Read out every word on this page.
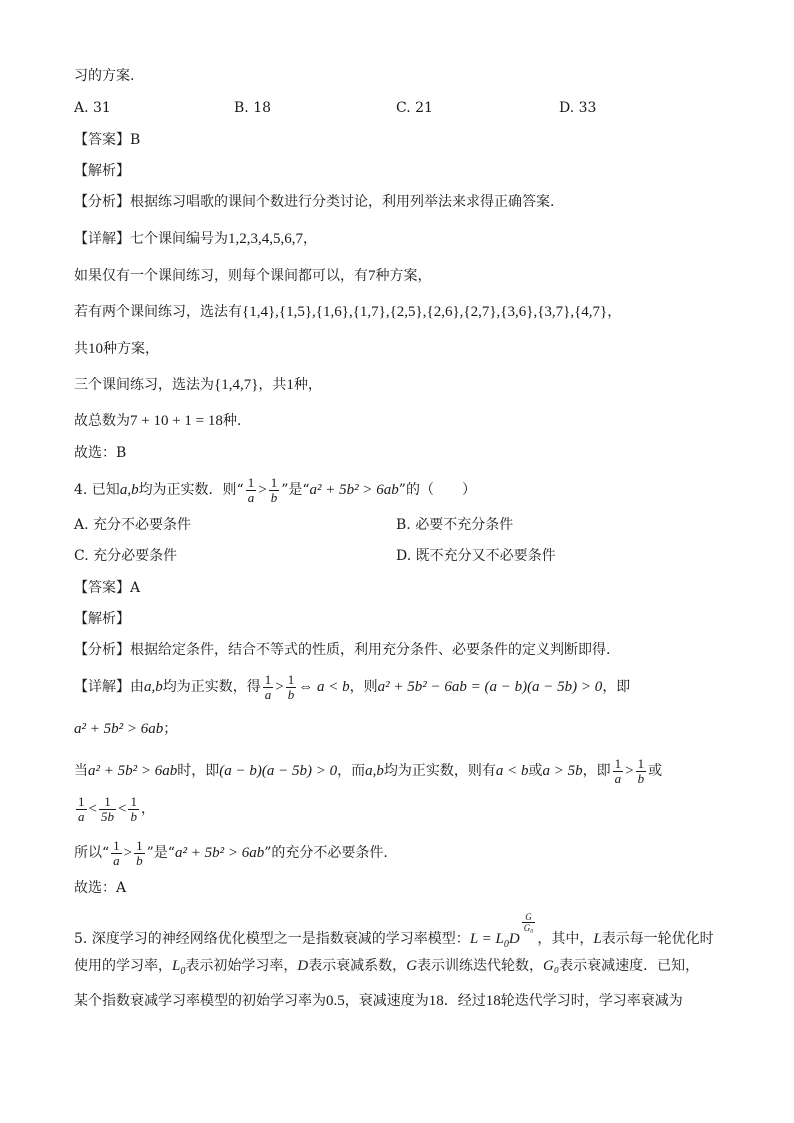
习的方案.
A. 31	B. 18	C. 21	D. 33
【答案】B
【解析】
【分析】根据练习唱歌的课间个数进行分类讨论，利用列举法来求得正确答案.
【详解】七个课间编号为1,2,3,4,5,6,7，
如果仅有一个课间练习，则每个课间都可以，有7种方案，
若有两个课间练习，选法有{1,4},{1,5},{1,6},{1,7},{2,5},{2,6},{2,7},{3,6},{3,7},{4,7}，
共10种方案，
三个课间练习，选法为{1,4,7}，共1种，
故总数为7 + 10 + 1 = 18种.
故选：B
4. 已知a,b均为正实数．则“ $\frac{1}{a} > \frac{1}{b}$ ”是“a² + 5b² > 6ab”的（　　）
A. 充分不必要条件	B. 必要不充分条件
C. 充分必要条件	D. 既不充分又不必要条件
【答案】A
【解析】
【分析】根据给定条件，结合不等式的性质，利用充分条件、必要条件的定义判断即得.
【详解】由a,b均为正实数，得 $\frac{1}{a} > \frac{1}{b}$ ⇔ a < b，则a² + 5b² − 6ab = (a − b)(a − 5b) > 0，即
a² + 5b² > 6ab；
当a² + 5b² > 6ab时，即(a − b)(a − 5b) > 0，而a,b均为正实数，则有a < b或a > 5b，即 $\frac{1}{a} > \frac{1}{b}$ 或
$\frac{1}{a} < \frac{1}{5b} < \frac{1}{b}$ ，
所以“ $\frac{1}{a} > \frac{1}{b}$ ”是“a² + 5b² > 6ab”的充分不必要条件.
故选：A
5. 深度学习的神经网络优化模型之一是指数衰减的学习率模型：$L = L_0D$
$\frac{G}{\text{G₀}}$
，其中，L表示每一轮优化时
使用的学习率，$L_0$表示初始学习率，D表示衰减系数，G表示训练迭代轮数，G₀表示衰减速度．已知，
某个指数衰减学习率模型的初始学习率为0.5，衰减速度为18．经过18轮迭代学习时，学习率衰减为
